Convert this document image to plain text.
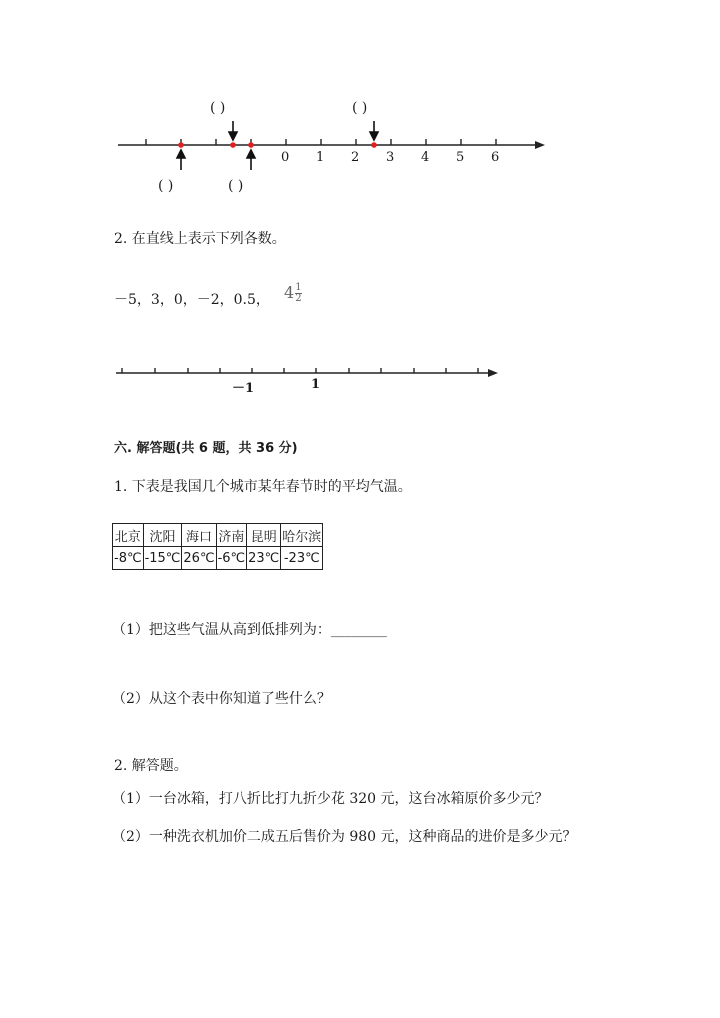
0 1 2 3 4 5 6
( )	( )
( )	( )
2. 在直线上表示下列各数。
－5，3，0，－2，0.5， $4 \frac{1}{2}$
－1	1
六. 解答题(共 6 题，共 36 分)
1. 下表是我国几个城市某年春节时的平均气温。
北京	沈阳	海口	济南	昆明	哈尔滨
-8℃	-15℃	26℃	-6℃	23℃	-23℃
（1）把这些气温从高到低排列为：________
（2）从这个表中你知道了些什么？
2. 解答题。
（1）一台冰箱，打八折比打九折少花 320 元，这台冰箱原价多少元？
（2）一种洗衣机加价二成五后售价为 980 元，这种商品的进价是多少元？
